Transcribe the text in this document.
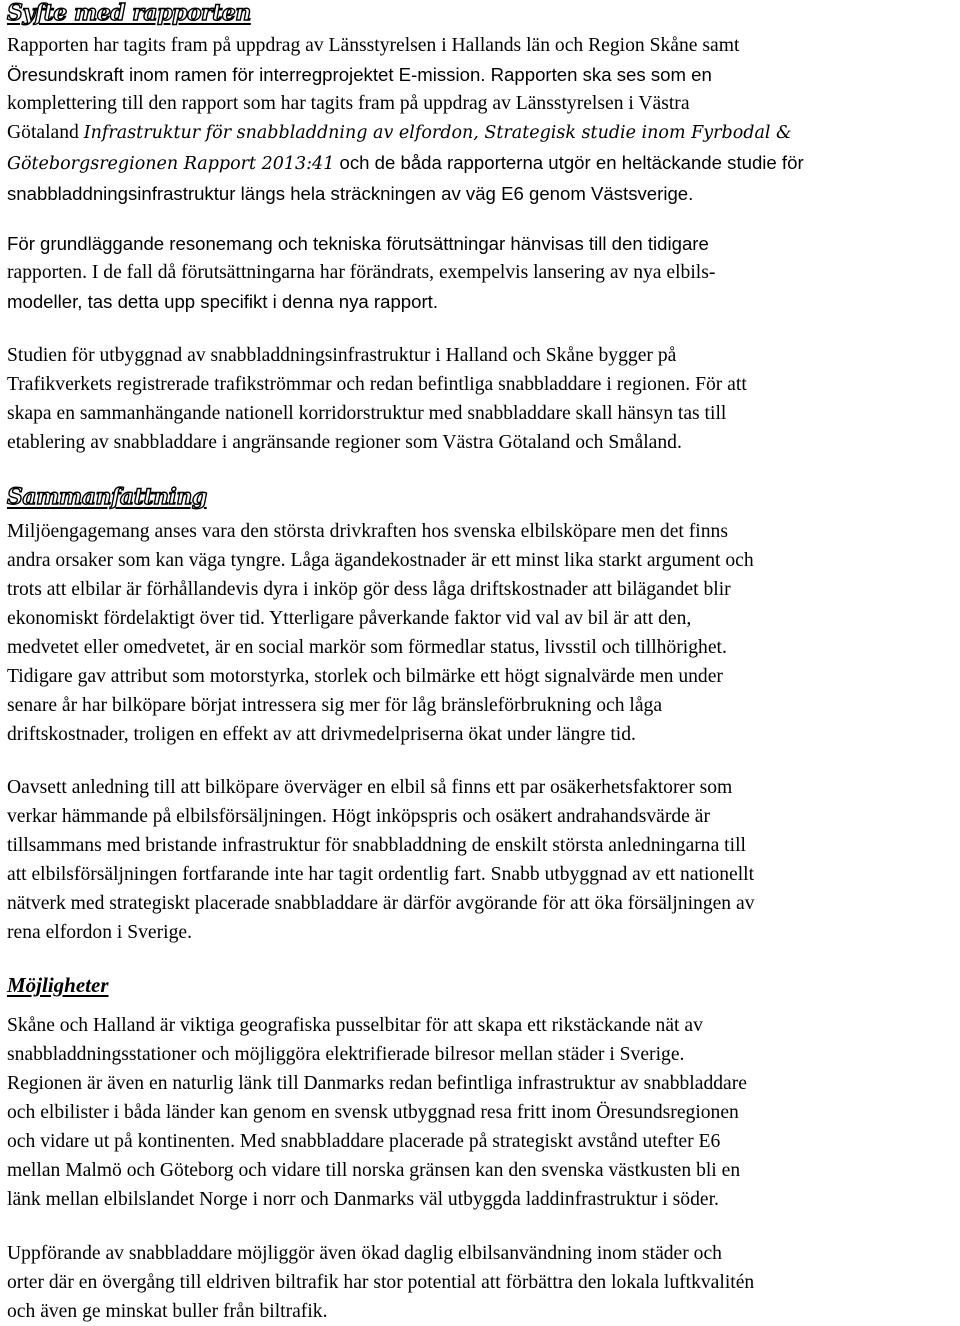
Syfte med rapporten
Rapporten har tagits fram på uppdrag av Länsstyrelsen i Hallands län och Region Skåne samt
Öresundskraft inom ramen för interregprojektet E-mission. Rapporten ska ses som en
komplettering till den rapport som har tagits fram på uppdrag av Länsstyrelsen i Västra
Götaland Infrastruktur för snabbladdning av elfordon, Strategisk studie inom Fyrbodal &
Göteborgsregionen Rapport 2013:41 och de båda rapporterna utgör en heltäckande studie för
snabbladdningsinfrastruktur längs hela sträckningen av väg E6 genom Västsverige.
För grundläggande resonemang och tekniska förutsättningar hänvisas till den tidigare
rapporten. I de fall då förutsättningarna har förändrats, exempelvis lansering av nya elbils-
modeller, tas detta upp specifikt i denna nya rapport.
Studien för utbyggnad av snabbladdningsinfrastruktur i Halland och Skåne bygger på
Trafikverkets registrerade trafikströmmar och redan befintliga snabbladdare i regionen. För att
skapa en sammanhängande nationell korridorstruktur med snabbladdare skall hänsyn tas till
etablering av snabbladdare i angränsande regioner som Västra Götaland och Småland.
Sammanfattning
Miljöengagemang anses vara den största drivkraften hos svenska elbilsköpare men det finns
andra orsaker som kan väga tyngre. Låga ägandekostnader är ett minst lika starkt argument och
trots att elbilar är förhållandevis dyra i inköp gör dess låga driftskostnader att bilägandet blir
ekonomiskt fördelaktigt över tid. Ytterligare påverkande faktor vid val av bil är att den,
medvetet eller omedvetet, är en social markör som förmedlar status, livsstil och tillhörighet.
Tidigare gav attribut som motorstyrka, storlek och bilmärke ett högt signalvärde men under
senare år har bilköpare börjat intressera sig mer för låg bränsleförbrukning och låga
driftskostnader, troligen en effekt av att drivmedelpriserna ökat under längre tid.
Oavsett anledning till att bilköpare överväger en elbil så finns ett par osäkerhetsfaktorer som
verkar hämmande på elbilsförsäljningen. Högt inköpspris och osäkert andrahandsvärde är
tillsammans med bristande infrastruktur för snabbladdning de enskilt största anledningarna till
att elbilsförsäljningen fortfarande inte har tagit ordentlig fart. Snabb utbyggnad av ett nationellt
nätverk med strategiskt placerade snabbladdare är därför avgörande för att öka försäljningen av
rena elfordon i Sverige.
Möjligheter
Skåne och Halland är viktiga geografiska pusselbitar för att skapa ett rikstäckande nät av
snabbladdningsstationer och möjliggöra elektrifierade bilresor mellan städer i Sverige.
Regionen är även en naturlig länk till Danmarks redan befintliga infrastruktur av snabbladdare
och elbilister i båda länder kan genom en svensk utbyggnad resa fritt inom Öresundsregionen
och vidare ut på kontinenten. Med snabbladdare placerade på strategiskt avstånd utefter E6
mellan Malmö och Göteborg och vidare till norska gränsen kan den svenska västkusten bli en
länk mellan elbilslandet Norge i norr och Danmarks väl utbyggda laddinfrastruktur i söder.
Uppförande av snabbladdare möjliggör även ökad daglig elbilsanvändning inom städer och
orter där en övergång till eldriven biltrafik har stor potential att förbättra den lokala luftkvalitén
och även ge minskat buller från biltrafik.
